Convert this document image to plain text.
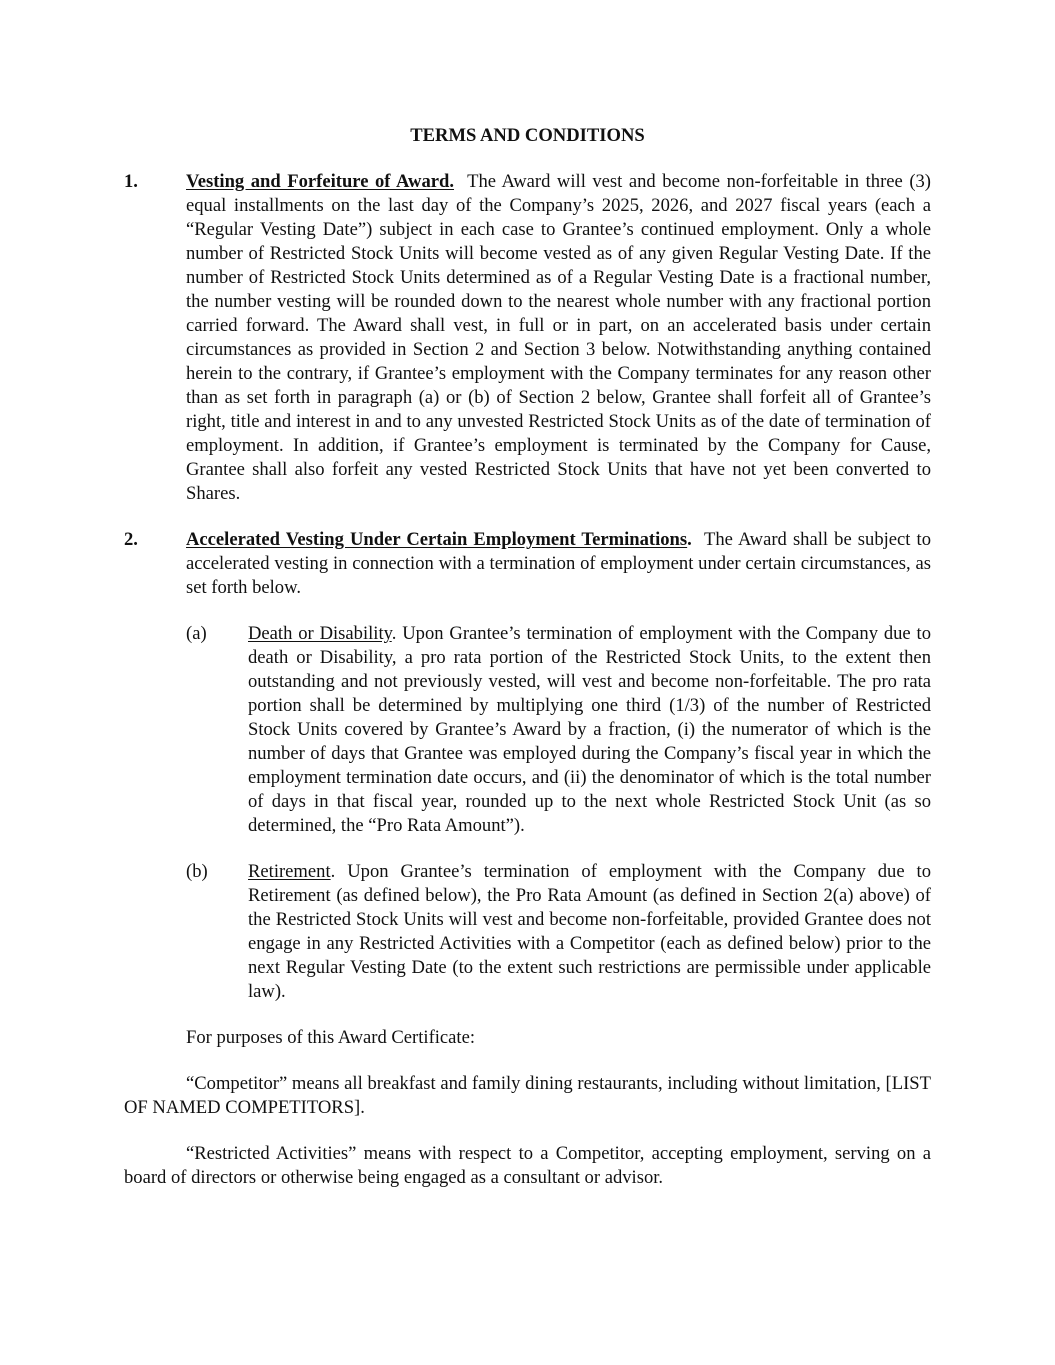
TERMS AND CONDITIONS
1.	Vesting and Forfeiture of Award. The Award will vest and become non-forfeitable in three (3) equal installments on the last day of the Company’s 2025, 2026, and 2027 fiscal years (each a “Regular Vesting Date”) subject in each case to Grantee’s continued employment. Only a whole number of Restricted Stock Units will become vested as of any given Regular Vesting Date. If the number of Restricted Stock Units determined as of a Regular Vesting Date is a fractional number, the number vesting will be rounded down to the nearest whole number with any fractional portion carried forward. The Award shall vest, in full or in part, on an accelerated basis under certain circumstances as provided in Section 2 and Section 3 below. Notwithstanding anything contained herein to the contrary, if Grantee’s employment with the Company terminates for any reason other than as set forth in paragraph (a) or (b) of Section 2 below, Grantee shall forfeit all of Grantee’s right, title and interest in and to any unvested Restricted Stock Units as of the date of termination of employment. In addition, if Grantee’s employment is terminated by the Company for Cause, Grantee shall also forfeit any vested Restricted Stock Units that have not yet been converted to Shares.
2.	Accelerated Vesting Under Certain Employment Terminations. The Award shall be subject to accelerated vesting in connection with a termination of employment under certain circumstances, as set forth below.
(a) Death or Disability. Upon Grantee’s termination of employment with the Company due to death or Disability, a pro rata portion of the Restricted Stock Units, to the extent then outstanding and not previously vested, will vest and become non-forfeitable. The pro rata portion shall be determined by multiplying one third (1/3) of the number of Restricted Stock Units covered by Grantee’s Award by a fraction, (i) the numerator of which is the number of days that Grantee was employed during the Company’s fiscal year in which the employment termination date occurs, and (ii) the denominator of which is the total number of days in that fiscal year, rounded up to the next whole Restricted Stock Unit (as so determined, the “Pro Rata Amount”).
(b) Retirement. Upon Grantee’s termination of employment with the Company due to Retirement (as defined below), the Pro Rata Amount (as defined in Section 2(a) above) of the Restricted Stock Units will vest and become non-forfeitable, provided Grantee does not engage in any Restricted Activities with a Competitor (each as defined below) prior to the next Regular Vesting Date (to the extent such restrictions are permissible under applicable law).
For purposes of this Award Certificate:
“Competitor” means all breakfast and family dining restaurants, including without limitation, [LIST OF NAMED COMPETITORS].
“Restricted Activities” means with respect to a Competitor, accepting employment, serving on a board of directors or otherwise being engaged as a consultant or advisor.
